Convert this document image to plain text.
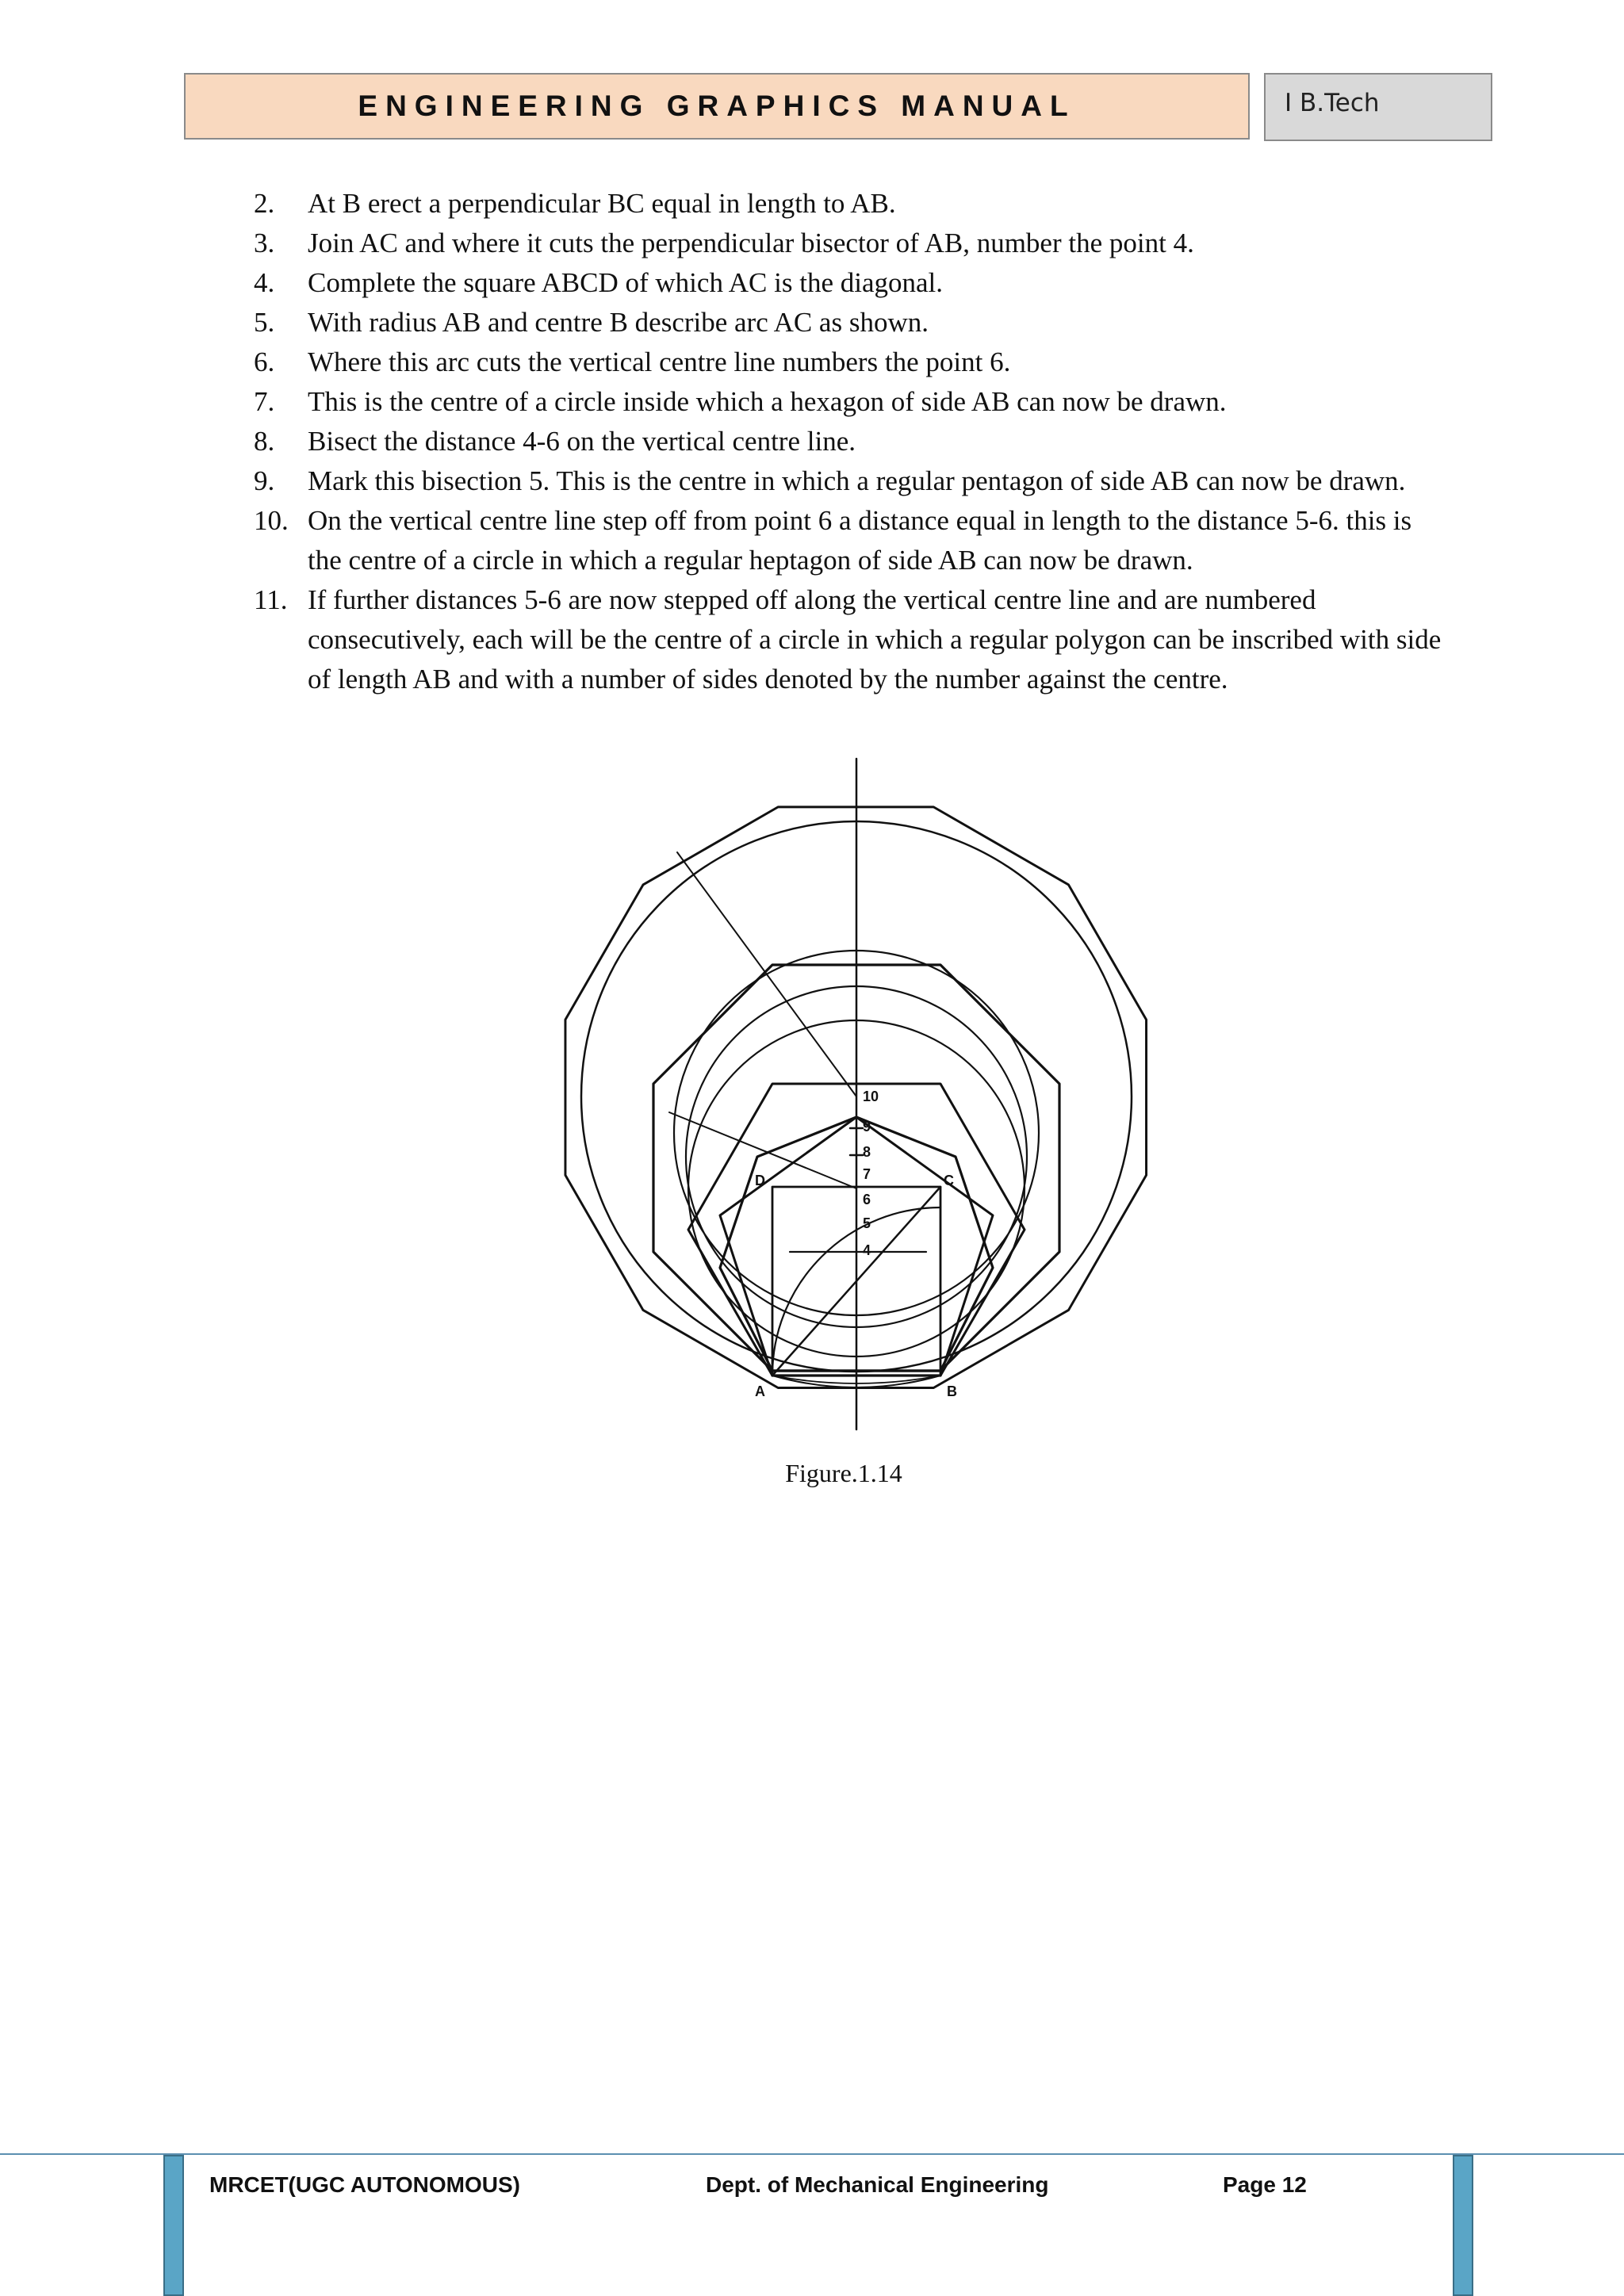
ENGINEERING GRAPHICS MANUAL	I B.Tech
2. At B erect a perpendicular BC equal in length to AB.
3. Join AC and where it cuts the perpendicular bisector of AB, number the point 4.
4. Complete the square ABCD of which AC is the diagonal.
5. With radius AB and centre B describe arc AC as shown.
6. Where this arc cuts the vertical centre line numbers the point 6.
7. This is the centre of a circle inside which a hexagon of side AB can now be drawn.
8. Bisect the distance 4-6 on the vertical centre line.
9. Mark this bisection 5. This is the centre in which a regular pentagon of side AB can now be drawn.
10. On the vertical centre line step off from point 6 a distance equal in length to the distance 5-6. this is the centre of a circle in which a regular heptagon of side AB can now be drawn.
11. If further distances 5-6 are now stepped off along the vertical centre line and are numbered consecutively, each will be the centre of a circle in which a regular polygon can be inscribed with side of length AB and with a number of sides denoted by the number against the centre.
A	B
C
D
4
5
6
7
8
9
10
Figure.1.14
MRCET(UGC AUTONOMOUS)	Dept. of Mechanical Engineering	Page 12
